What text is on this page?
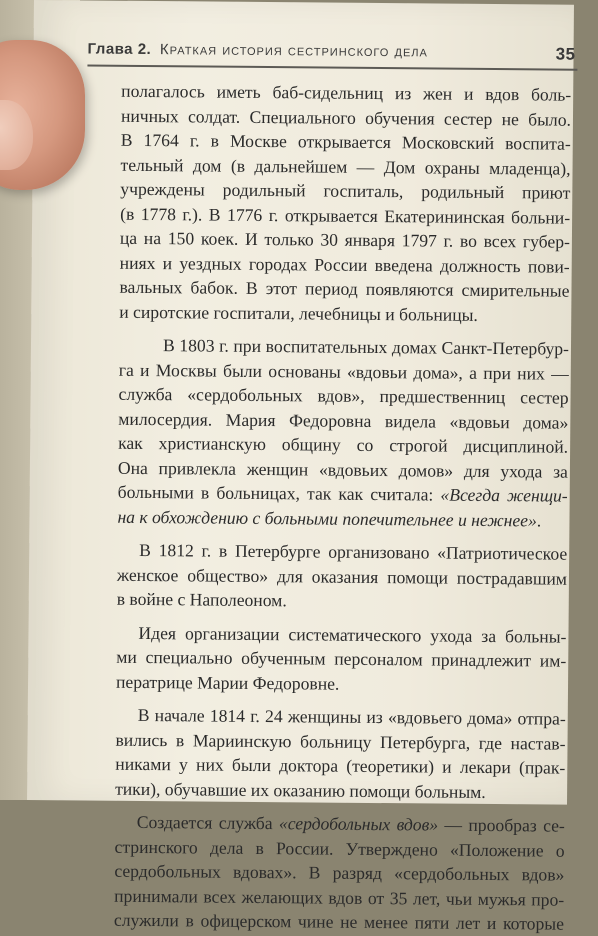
Глава 2. Краткая история сестринского дела	35
полагалось иметь баб-сидельниц из жен и вдов боль-
ничных солдат. Специального обучения сестер не было.
В 1764 г. в Москве открывается Московский воспита-
тельный дом (в дальнейшем — Дом охраны младенца),
учреждены родильный госпиталь, родильный приют
(в 1778 г.). В 1776 г. открывается Екатерининская больни-
ца на 150 коек. И только 30 января 1797 г. во всех губер-
ниях и уездных городах России введена должность пови-
вальных бабок. В этот период появляются смирительные
и сиротские госпитали, лечебницы и больницы.
В 1803 г. при воспитательных домах Санкт-Петербур-
га и Москвы были основаны «вдовьи дома», а при них —
служба «сердобольных вдов», предшественниц сестер
милосердия. Мария Федоровна видела «вдовьи дома»
как христианскую общину со строгой дисциплиной.
Она привлекла женщин «вдовьих домов» для ухода за
больными в больницах, так как считала: «Всегда женщи-
на к обхождению с больными попечительнее и нежнее».
В 1812 г. в Петербурге организовано «Патриотическое
женское общество» для оказания помощи пострадавшим
в войне с Наполеоном.
Идея организации систематического ухода за больны-
ми специально обученным персоналом принадлежит им-
ператрице Марии Федоровне.
В начале 1814 г. 24 женщины из «вдовьего дома» отпра-
вились в Мариинскую больницу Петербурга, где настав-
никами у них были доктора (теоретики) и лекари (прак-
тики), обучавшие их оказанию помощи больным.
Создается служба «сердобольных вдов» — прообраз се-
стринского дела в России. Утверждено «Положение о
сердобольных вдовах». В разряд «сердобольных вдов»
принимали всех желающих вдов от 35 лет, чьи мужья про-
служили в офицерском чине не менее пяти лет и которые
